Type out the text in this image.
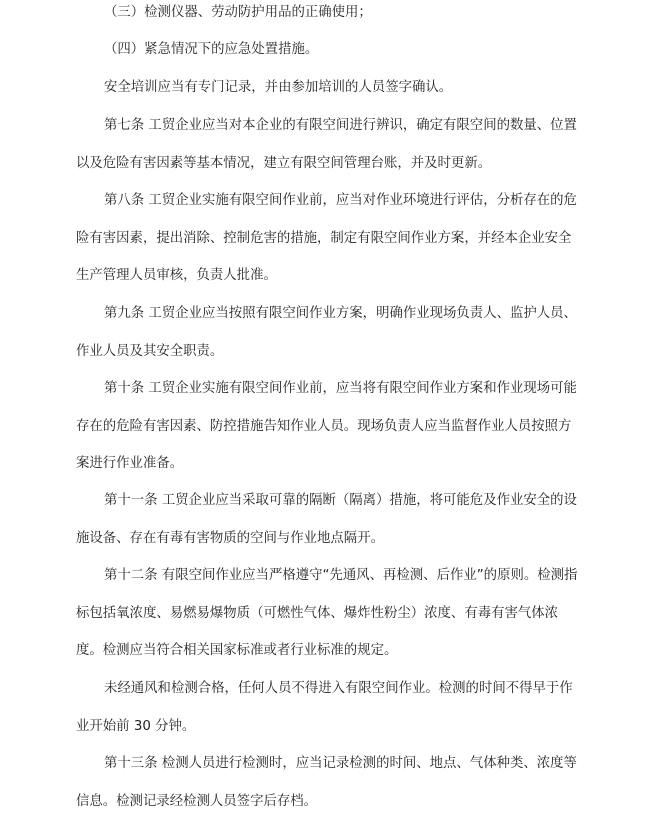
（三）检测仪器、劳动防护用品的正确使用；

（四）紧急情况下的应急处置措施。

安全培训应当有专门记录，并由参加培训的人员签字确认。

第七条 工贸企业应当对本企业的有限空间进行辨识，确定有限空间的数量、位置以及危险有害因素等基本情况，建立有限空间管理台账，并及时更新。

第八条 工贸企业实施有限空间作业前，应当对作业环境进行评估，分析存在的危险有害因素，提出消除、控制危害的措施，制定有限空间作业方案，并经本企业安全生产管理人员审核，负责人批准。

第九条 工贸企业应当按照有限空间作业方案，明确作业现场负责人、监护人员、作业人员及其安全职责。

第十条 工贸企业实施有限空间作业前，应当将有限空间作业方案和作业现场可能存在的危险有害因素、防控措施告知作业人员。现场负责人应当监督作业人员按照方案进行作业准备。

第十一条 工贸企业应当采取可靠的隔断（隔离）措施，将可能危及作业安全的设施设备、存在有毒有害物质的空间与作业地点隔开。

第十二条 有限空间作业应当严格遵守“先通风、再检测、后作业”的原则。检测指标包括氧浓度、易燃易爆物质（可燃性气体、爆炸性粉尘）浓度、有毒有害气体浓度。检测应当符合相关国家标准或者行业标准的规定。

未经通风和检测合格，任何人员不得进入有限空间作业。检测的时间不得早于作业开始前 30 分钟。

第十三条 检测人员进行检测时，应当记录检测的时间、地点、气体种类、浓度等信息。检测记录经检测人员签字后存档。
